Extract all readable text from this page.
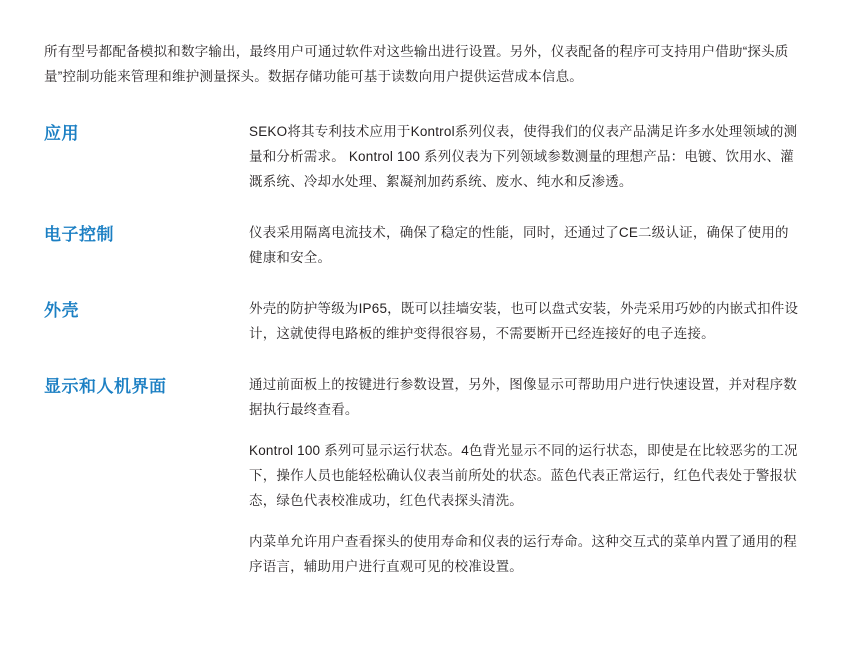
所有型号都配备模拟和数字输出，最终用户可通过软件对这些输出进行设置。另外，仪表配备的程序可支持用户借助“探头质量”控制功能来管理和维护测量探头。数据存储功能可基于读数向用户提供运营成本信息。

应用	SEKO将其专利技术应用于Kontrol系列仪表，使得我们的仪表产品满足许多水处理领域的测量和分析需求。 Kontrol 100 系列仪表为下列领域参数测量的理想产品：电镀、饮用水、灌溉系统、冷却水处理、絮凝剂加药系统、废水、纯水和反渗透。

电子控制	仪表采用隔离电流技术，确保了稳定的性能，同时，还通过了CE二级认证，确保了使用的健康和安全。

外壳	外壳的防护等级为IP65，既可以挂墙安装，也可以盘式安装，外壳采用巧妙的内嵌式扣件设计，这就使得电路板的维护变得很容易，不需要断开已经连接好的电子连接。

显示和人机界面	通过前面板上的按键进行参数设置，另外，图像显示可帮助用户进行快速设置，并对程序数据执行最终查看。

Kontrol 100 系列可显示运行状态。4色背光显示不同的运行状态，即使是在比较恶劣的工况下，操作人员也能轻松确认仪表当前所处的状态。蓝色代表正常运行，红色代表处于警报状态，绿色代表校准成功，红色代表探头清洗。

内菜单允许用户查看探头的使用寿命和仪表的运行寿命。这种交互式的菜单内置了通用的程序语言，辅助用户进行直观可见的校准设置。
